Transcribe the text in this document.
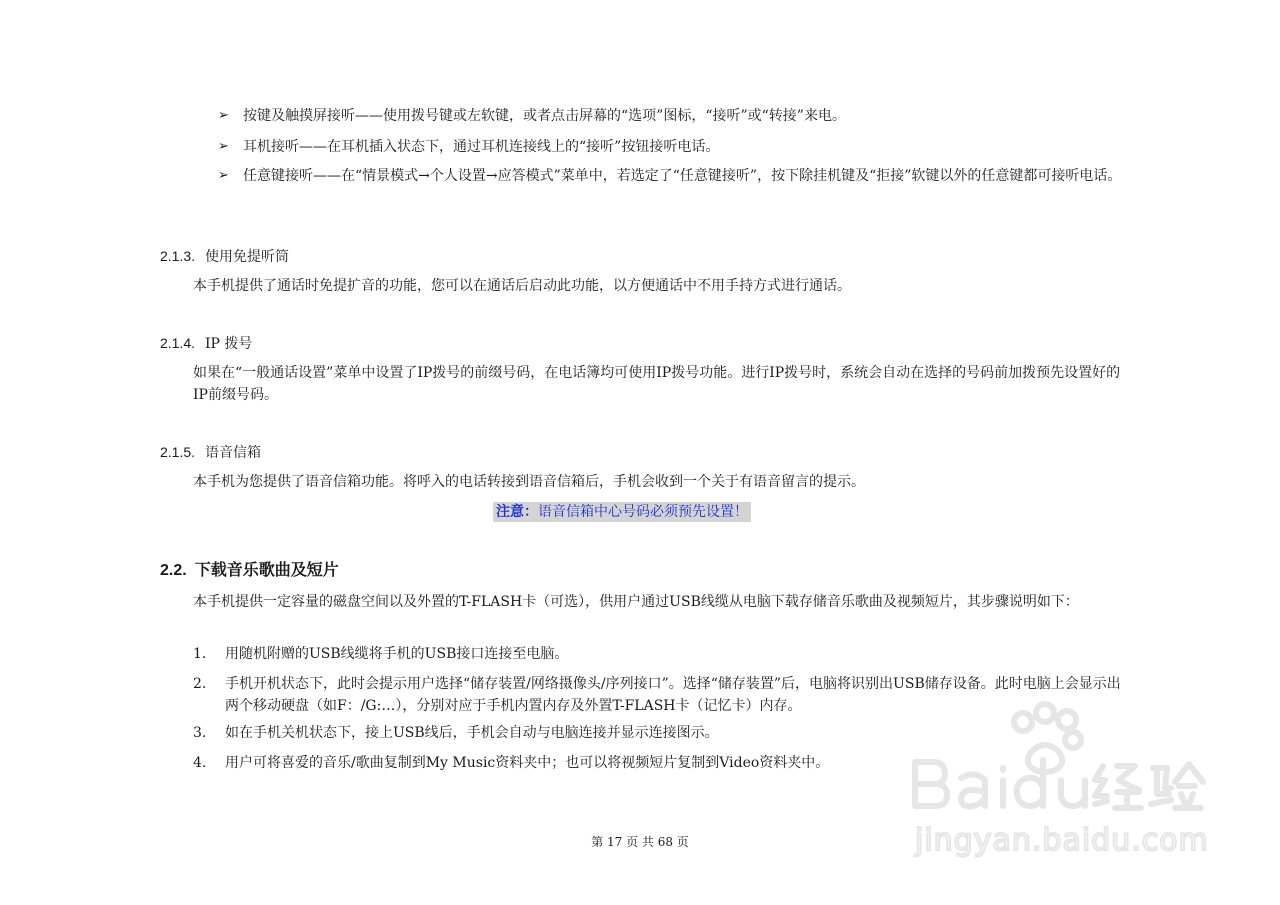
➢ 按键及触摸屏接听——使用拨号键或左软键，或者点击屏幕的“选项”图标，“接听”或“转接”来电。
➢ 耳机接听——在耳机插入状态下，通过耳机连接线上的“接听”按钮接听电话。
➢ 任意键接听——在“情景模式→个人设置→应答模式”菜单中，若选定了“任意键接听”，按下除挂机键及“拒接”软键以外的任意键都可接听电话。
2.1.3. 使用免提听筒
本手机提供了通话时免提扩音的功能，您可以在通话后启动此功能，以方便通话中不用手持方式进行通话。
2.1.4. IP 拨号
如果在“一般通话设置”菜单中设置了IP拨号的前缀号码，在电话簿均可使用IP拨号功能。进行IP拨号时，系统会自动在选择的号码前加拨预先设置好的IP前缀号码。
2.1.5. 语音信箱
本手机为您提供了语音信箱功能。将呼入的电话转接到语音信箱后，手机会收到一个关于有语音留言的提示。
注意：语音信箱中心号码必须预先设置！
2.2. 下载音乐歌曲及短片
本手机提供一定容量的磁盘空间以及外置的T-FLASH卡（可选），供用户通过USB线缆从电脑下载存储音乐歌曲及视频短片，其步骤说明如下：
1. 用随机附赠的USB线缆将手机的USB接口连接至电脑。
2. 手机开机状态下，此时会提示用户选择“储存装置/网络摄像头/序列接口”。选择“储存装置”后，电脑将识别出USB储存设备。此时电脑上会显示出两个移动硬盘（如F：/G:…），分别对应于手机内置内存及外置T-FLASH卡（记忆卡）内存。
3. 如在手机关机状态下，接上USB线后，手机会自动与电脑连接并显示连接图示。
4. 用户可将喜爱的音乐/歌曲复制到My Music资料夹中；也可以将视频短片复制到Video资料夹中。
第 17 页 共 68 页	jingyan.baidu.com
